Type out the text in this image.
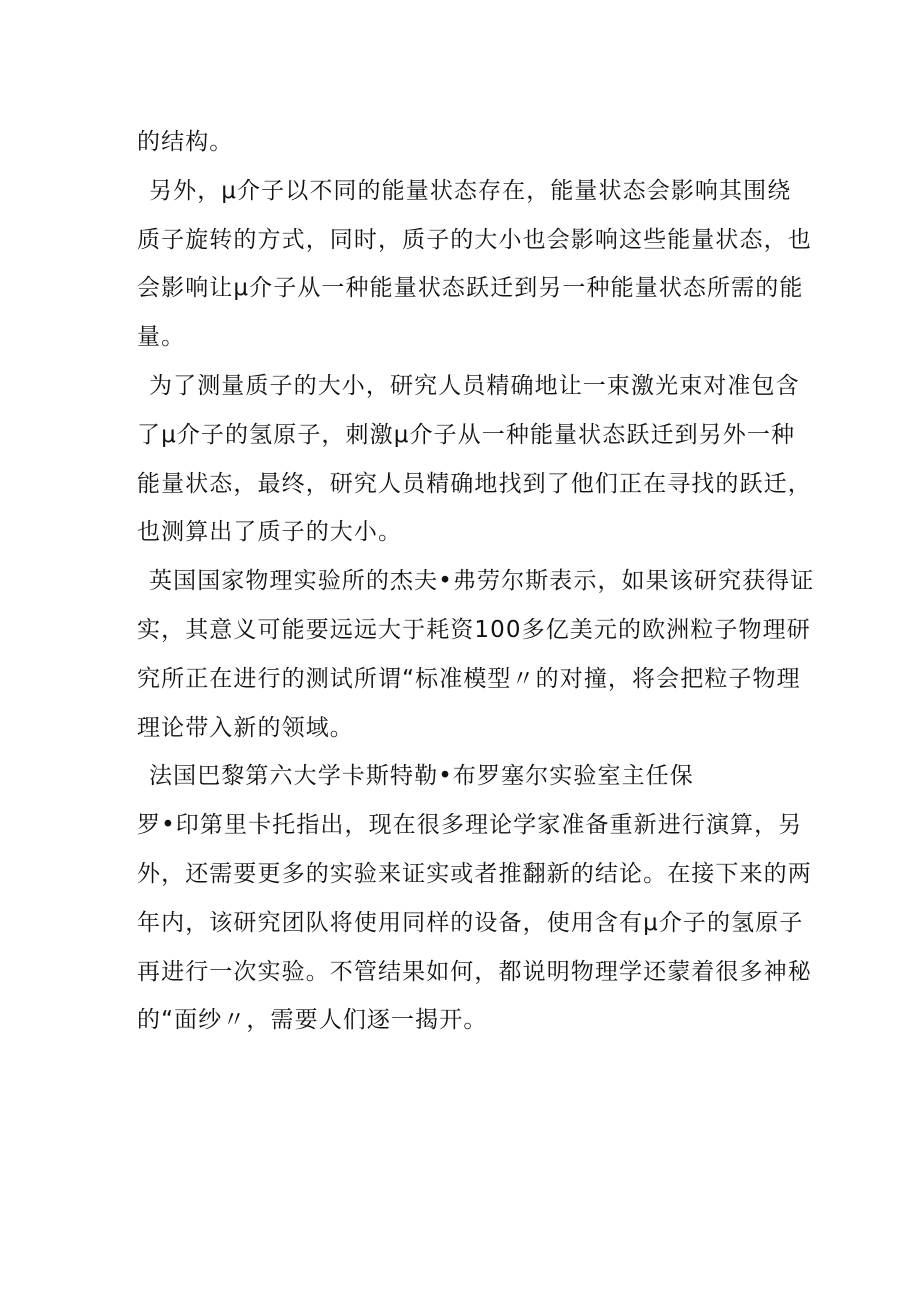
的结构。
另外，μ介子以不同的能量状态存在，能量状态会影响其围绕
质子旋转的方式，同时，质子的大小也会影响这些能量状态，也
会影响让μ介子从一种能量状态跃迁到另一种能量状态所需的能
量。
为了测量质子的大小，研究人员精确地让一束激光束对准包含
了μ介子的氢原子，刺激μ介子从一种能量状态跃迁到另外一种
能量状态，最终，研究人员精确地找到了他们正在寻找的跃迁，
也测算出了质子的大小。
英国国家物理实验所的杰夫•弗劳尔斯表示，如果该研究获得证
实，其意义可能要远远大于耗资100多亿美元的欧洲粒子物理研
究所正在进行的测试所谓“标准模型〃的对撞，将会把粒子物理
理论带入新的领域。
法国巴黎第六大学卡斯特勒•布罗塞尔实验室主任保
罗•印第里卡托指出，现在很多理论学家准备重新进行演算，另
外，还需要更多的实验来证实或者推翻新的结论。在接下来的两
年内，该研究团队将使用同样的设备，使用含有μ介子的氢原子
再进行一次实验。不管结果如何，都说明物理学还蒙着很多神秘
的“面纱〃，需要人们逐一揭开。
